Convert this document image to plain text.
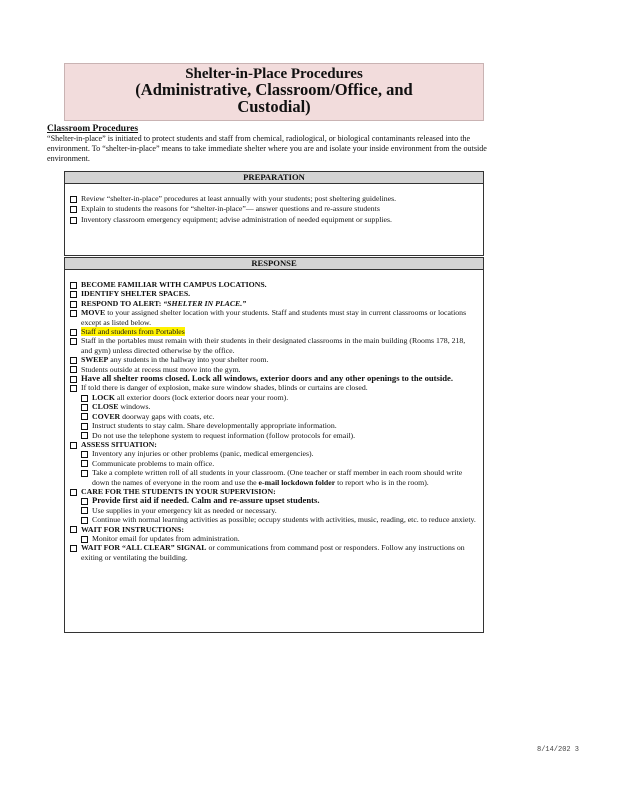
Shelter-in-Place Procedures
(Administrative, Classroom/Office, and
Custodial)
Classroom Procedures
“Shelter-in-place” is initiated to protect students and staff from chemical, radiological, or biological contaminants released into the environment. To “shelter-in-place” means to take immediate shelter where you are and isolate your inside environment from the outside environment.
PREPARATION
Review “shelter-in-place” procedures at least annually with your students; post sheltering guidelines.
Explain to students the reasons for “shelter-in-place”— answer questions and re-assure students
Inventory classroom emergency equipment; advise administration of needed equipment or supplies.
RESPONSE
BECOME FAMILIAR WITH CAMPUS LOCATIONS.
IDENTIFY SHELTER SPACES.
RESPOND TO ALERT: “SHELTER IN PLACE.”
MOVE to your assigned shelter location with your students. Staff and students must stay in current classrooms or locations except as listed below.
Staff and students from Portables
Staff in the portables must remain with their students in their designated classrooms in the main building (Rooms 178, 218, and gym) unless directed otherwise by the office.
SWEEP any students in the hallway into your shelter room.
Students outside at recess must move into the gym.
Have all shelter rooms closed. Lock all windows, exterior doors and any other openings to the outside.
If told there is danger of explosion, make sure window shades, blinds or curtains are closed.
LOCK all exterior doors (lock exterior doors near your room).
CLOSE windows.
COVER doorway gaps with coats, etc.
Instruct students to stay calm. Share developmentally appropriate information.
Do not use the telephone system to request information (follow protocols for email).
ASSESS SITUATION:
Inventory any injuries or other problems (panic, medical emergencies).
Communicate problems to main office.
Take a complete written roll of all students in your classroom. (One teacher or staff member in each room should write down the names of everyone in the room and use the e-mail lockdown folder to report who is in the room).
CARE FOR THE STUDENTS IN YOUR SUPERVISION:
Provide first aid if needed. Calm and re-assure upset students.
Use supplies in your emergency kit as needed or necessary.
Continue with normal learning activities as possible; occupy students with activities, music, reading, etc. to reduce anxiety.
WAIT FOR INSTRUCTIONS:
Monitor email for updates from administration.
WAIT FOR “ALL CLEAR” SIGNAL or communications from command post or responders. Follow any instructions on exiting or ventilating the building.
8/14/202 3
